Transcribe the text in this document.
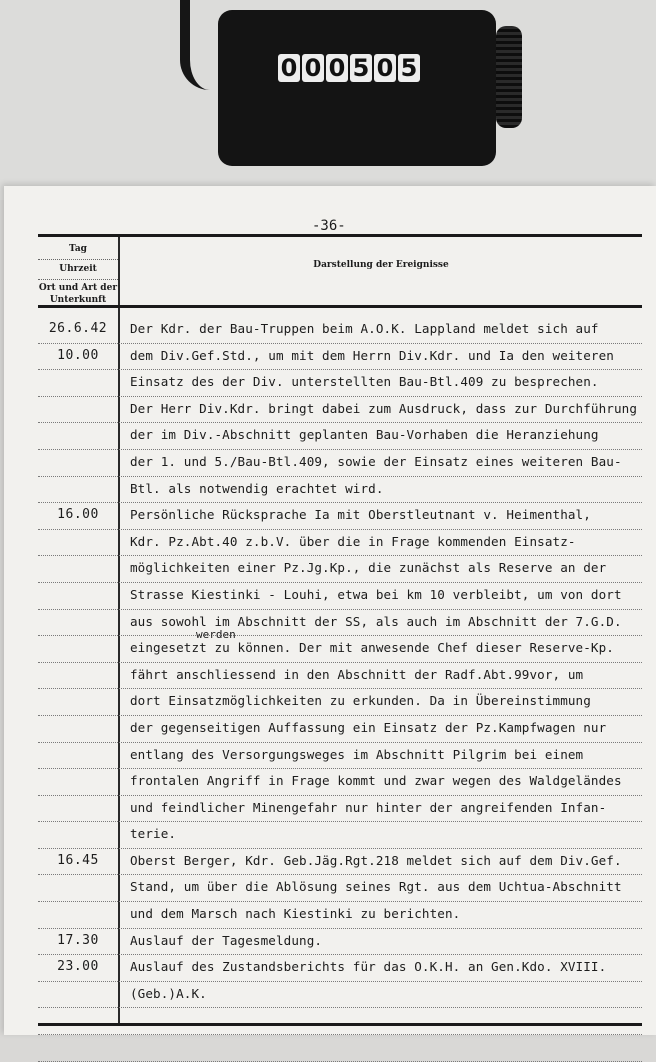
0 0 0 5 0 5
-36-
Tag
Uhrzeit
Ort und Art der Unterkunft
Darstellung der Ereignisse
26.6.42	Der Kdr. der Bau-Truppen beim A.O.K. Lappland meldet sich auf
10.00	dem Div.Gef.Std., um mit dem Herrn Div.Kdr. und Ia den weiteren
Einsatz des der Div. unterstellten Bau-Btl.409 zu besprechen.
Der Herr Div.Kdr. bringt dabei zum Ausdruck, dass zur Durchführung
der im Div.-Abschnitt geplanten Bau-Vorhaben die Heranziehung
der 1. und 5./Bau-Btl.409, sowie der Einsatz eines weiteren Bau-
Btl. als notwendig erachtet wird.
16.00	Persönliche Rücksprache Ia mit Oberstleutnant v. Heimenthal,
Kdr. Pz.Abt.40 z.b.V. über die in Frage kommenden Einsatz-
möglichkeiten einer Pz.Jg.Kp., die zunächst als Reserve an der
Strasse Kiestinki - Louhi, etwa bei km 10 verbleibt, um von dort
aus sowohl im Abschnitt der SS, als auch im Abschnitt der 7.G.D.
eingesetzt zu können. Der mit anwesende Chef dieser Reserve-Kp.
werden
fährt anschliessend in den Abschnitt der Radf.Abt.99vor, um
dort Einsatzmöglichkeiten zu erkunden. Da in Übereinstimmung
der gegenseitigen Auffassung ein Einsatz der Pz.Kampfwagen nur
entlang des Versorgungsweges im Abschnitt Pilgrim bei einem
frontalen Angriff in Frage kommt und zwar wegen des Waldgeländes
und feindlicher Minengefahr nur hinter der angreifenden Infan-
terie.
16.45	Oberst Berger, Kdr. Geb.Jäg.Rgt.218 meldet sich auf dem Div.Gef.
Stand, um über die Ablösung seines Rgt. aus dem Uchtua-Abschnitt
und dem Marsch nach Kiestinki zu berichten.
17.30	Auslauf der Tagesmeldung.
23.00	Auslauf des Zustandsberichts für das O.K.H. an Gen.Kdo. XVIII.
(Geb.)A.K.
